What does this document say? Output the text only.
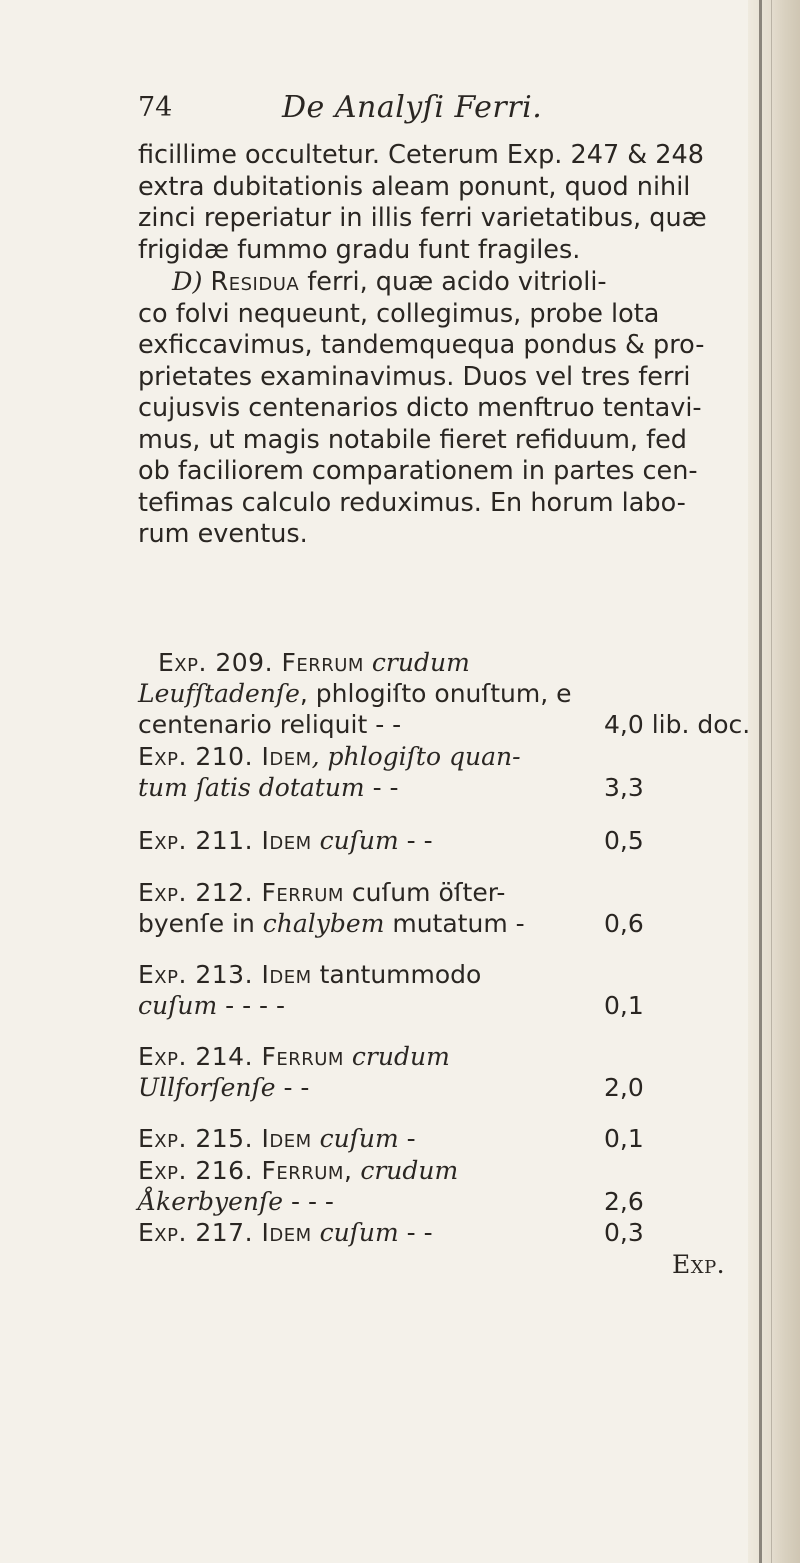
74	De Analyſi Ferri.

ficillime occultetur. Ceterum Exp. 247 & 248

extra dubitationis aleam ponunt, quod nihil

zinci reperiatur in illis ferri varietatibus, quæ

frigidæ fummo gradu funt fragiles.

D) Residua ferri, quæ acido vitrioli-

co folvi nequeunt, collegimus, probe lota

exficcavimus, tandemquequa pondus & pro-

prietates examinavimus. Duos vel tres ferri

cujusvis centenarios dicto menftruo tentavi-

mus, ut magis notabile fieret refiduum, fed

ob faciliorem comparationem in partes cen-

tefimas calculo reduximus. En horum labo-

rum eventus.

Exp. 209. Ferrum crudum
Leufſtadenſe, phlogiſto onuſtum, e
centenario reliquit - -	4,0 lib. doc.
Exp. 210. Idem, phlogiſto quan-
tum ſatis dotatum - -	3,3
Exp. 211. Idem cuſum - -	0,5
Exp. 212. Ferrum cuſum öſter-
byenſe in chalybem mutatum -	0,6
Exp. 213. Idem tantummodo
cuſum - - - -	0,1
Exp. 214. Ferrum crudum
Ullforſenſe - -	2,0
Exp. 215. Idem cuſum -	0,1
Exp. 216. Ferrum, crudum
Åkerbyenſe - - -	2,6
Exp. 217. Idem cuſum - -	0,3
Exp.
